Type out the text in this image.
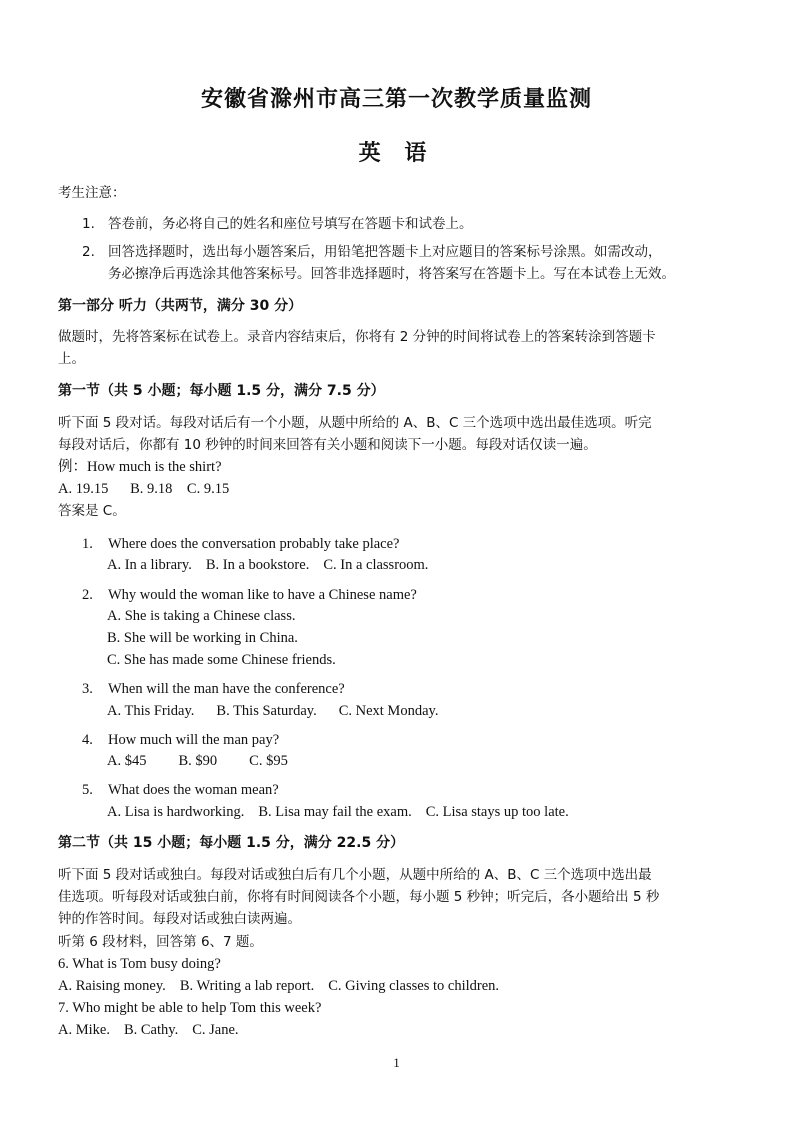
安徽省滁州市高三第一次教学质量监测
英 语
考生注意：
1. 答卷前，务必将自己的姓名和座位号填写在答题卡和试卷上。
2. 回答选择题时，选出每小题答案后，用铅笔把答题卡上对应题目的答案标号涂黑。如需改动，
务必擦净后再选涂其他答案标号。回答非选择题时，将答案写在答题卡上。写在本试卷上无效。
第一部分 听力（共两节，满分 30 分）
做题时，先将答案标在试卷上。录音内容结束后，你将有 2 分钟的时间将试卷上的答案转涂到答题卡
上。
第一节（共 5 小题；每小题 1.5 分，满分 7.5 分）
听下面 5 段对话。每段对话后有一个小题，从题中所给的 A、B、C 三个选项中选出最佳选项。听完
每段对话后，你都有 10 秒钟的时间来回答有关小题和阅读下一小题。每段对话仅读一遍。
例：How much is the shirt?
A. 19.15      B. 9.18    C. 9.15
答案是 C。
1. Where does the conversation probably take place?
A. In a library. B. In a bookstore. C. In a classroom.
2. Why would the woman like to have a Chinese name?
A. She is taking a Chinese class.
B. She will be working in China.
C. She has made some Chinese friends.
3. When will the man have the conference?
A. This Friday. B. This Saturday. C. Next Monday.
4. How much will the man pay?
A. $45 B. $90 C. $95
5. What does the woman mean?
A. Lisa is hardworking. B. Lisa may fail the exam. C. Lisa stays up too late.
第二节（共 15 小题；每小题 1.5 分，满分 22.5 分）
听下面 5 段对话或独白。每段对话或独白后有几个小题，从题中所给的 A、B、C 三个选项中选出最
佳选项。听每段对话或独白前，你将有时间阅读各个小题，每小题 5 秒钟；听完后，各小题给出 5 秒
钟的作答时间。每段对话或独白读两遍。
听第 6 段材料，回答第 6、7 题。
6. What is Tom busy doing?
A. Raising money. B. Writing a lab report. C. Giving classes to children.
7. Who might be able to help Tom this week?
A. Mike. B. Cathy. C. Jane.
1
